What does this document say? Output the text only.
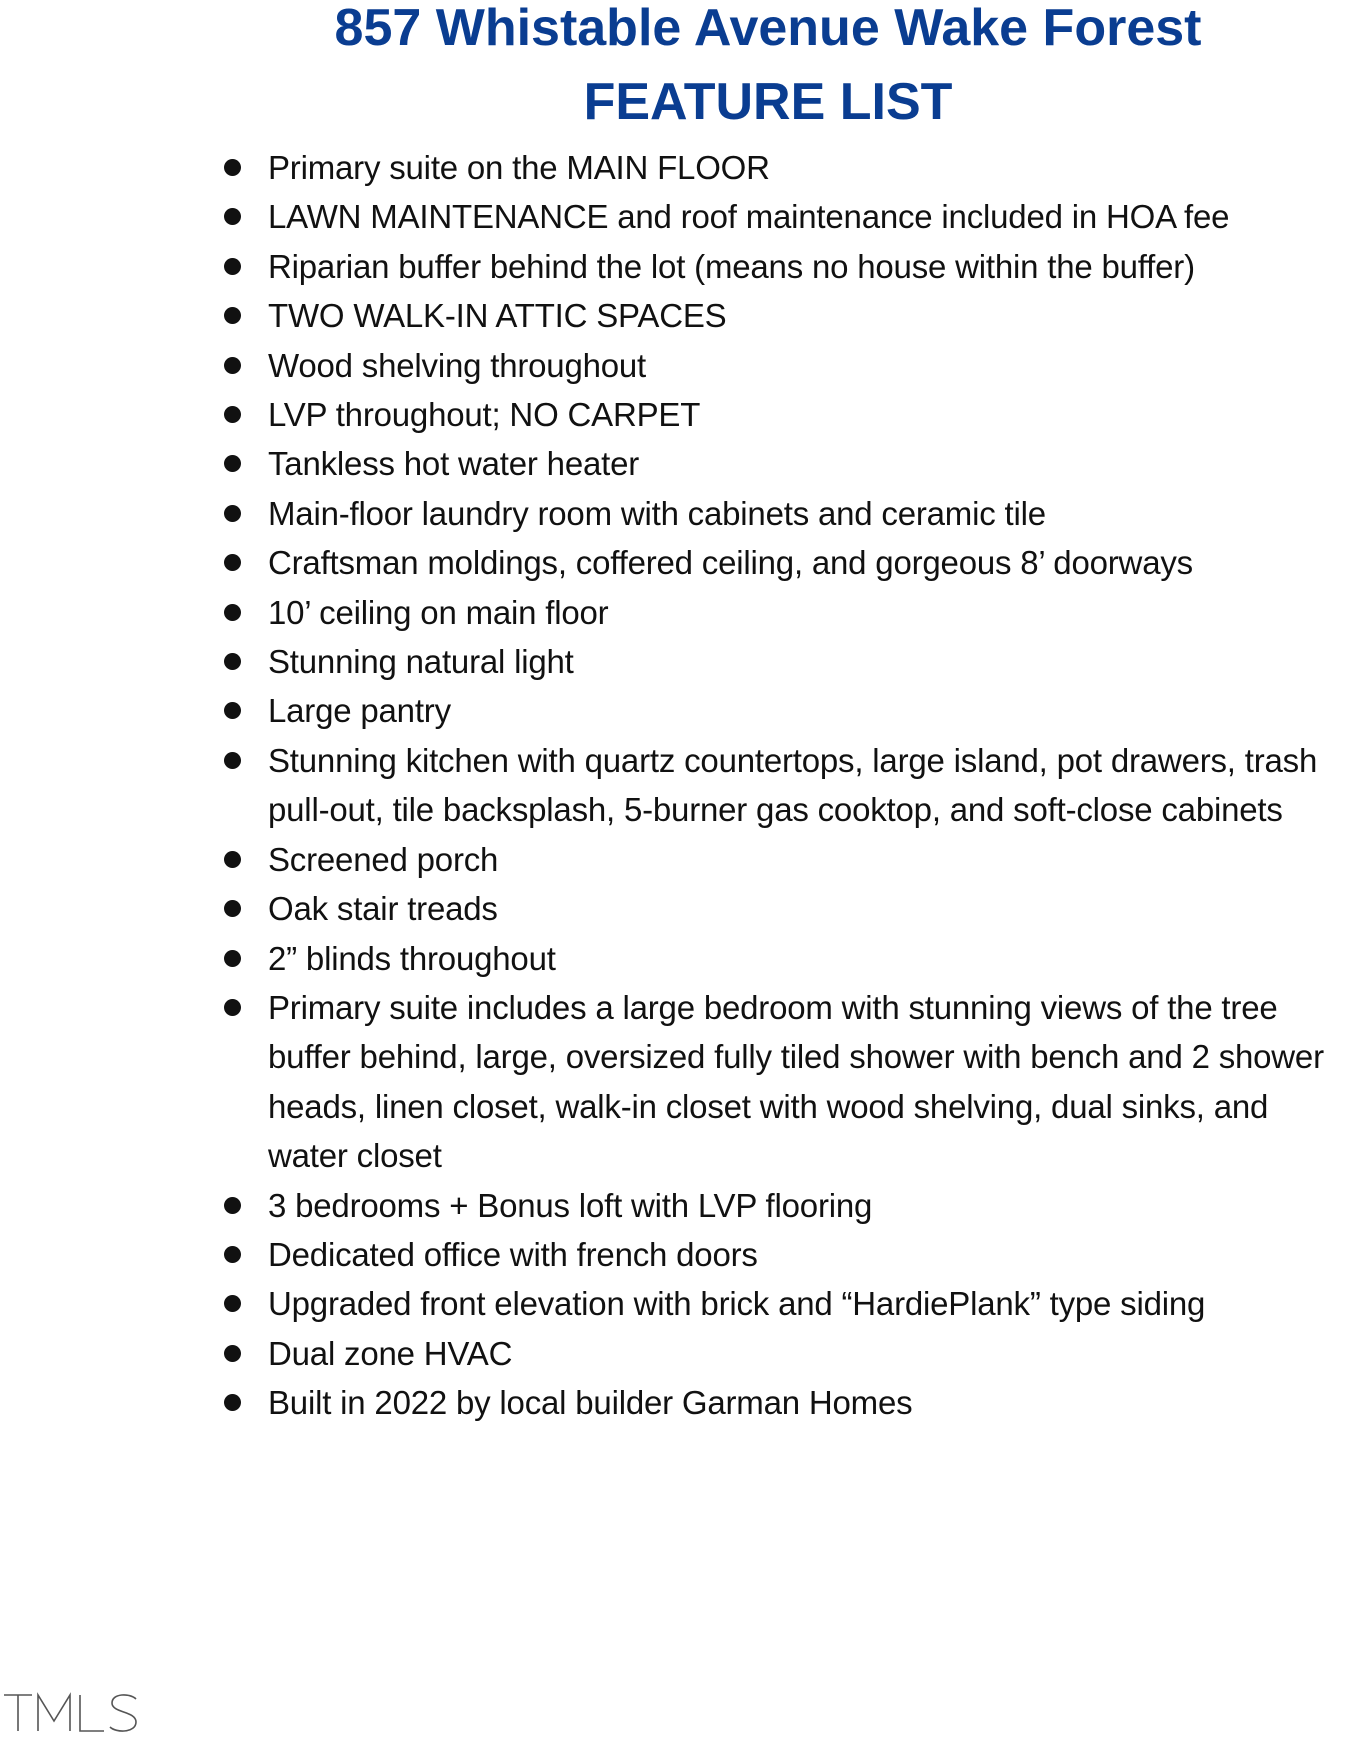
857 Whistable Avenue Wake Forest
FEATURE LIST
Primary suite on the MAIN FLOOR
LAWN MAINTENANCE and roof maintenance included in HOA fee
Riparian buffer behind the lot (means no house within the buffer)
TWO WALK-IN ATTIC SPACES
Wood shelving throughout
LVP throughout; NO CARPET
Tankless hot water heater
Main-floor laundry room with cabinets and ceramic tile
Craftsman moldings, coffered ceiling, and gorgeous 8’ doorways
10’ ceiling on main floor
Stunning natural light
Large pantry
Stunning kitchen with quartz countertops, large island, pot drawers, trash pull-out, tile backsplash, 5-burner gas cooktop, and soft-close cabinets
Screened porch
Oak stair treads
2” blinds throughout
Primary suite includes a large bedroom with stunning views of the tree buffer behind, large, oversized fully tiled shower with bench and 2 shower heads, linen closet, walk-in closet with wood shelving, dual sinks, and water closet
3 bedrooms + Bonus loft with LVP flooring
Dedicated office with french doors
Upgraded front elevation with brick and “HardiePlank” type siding
Dual zone HVAC
Built in 2022 by local builder Garman Homes
